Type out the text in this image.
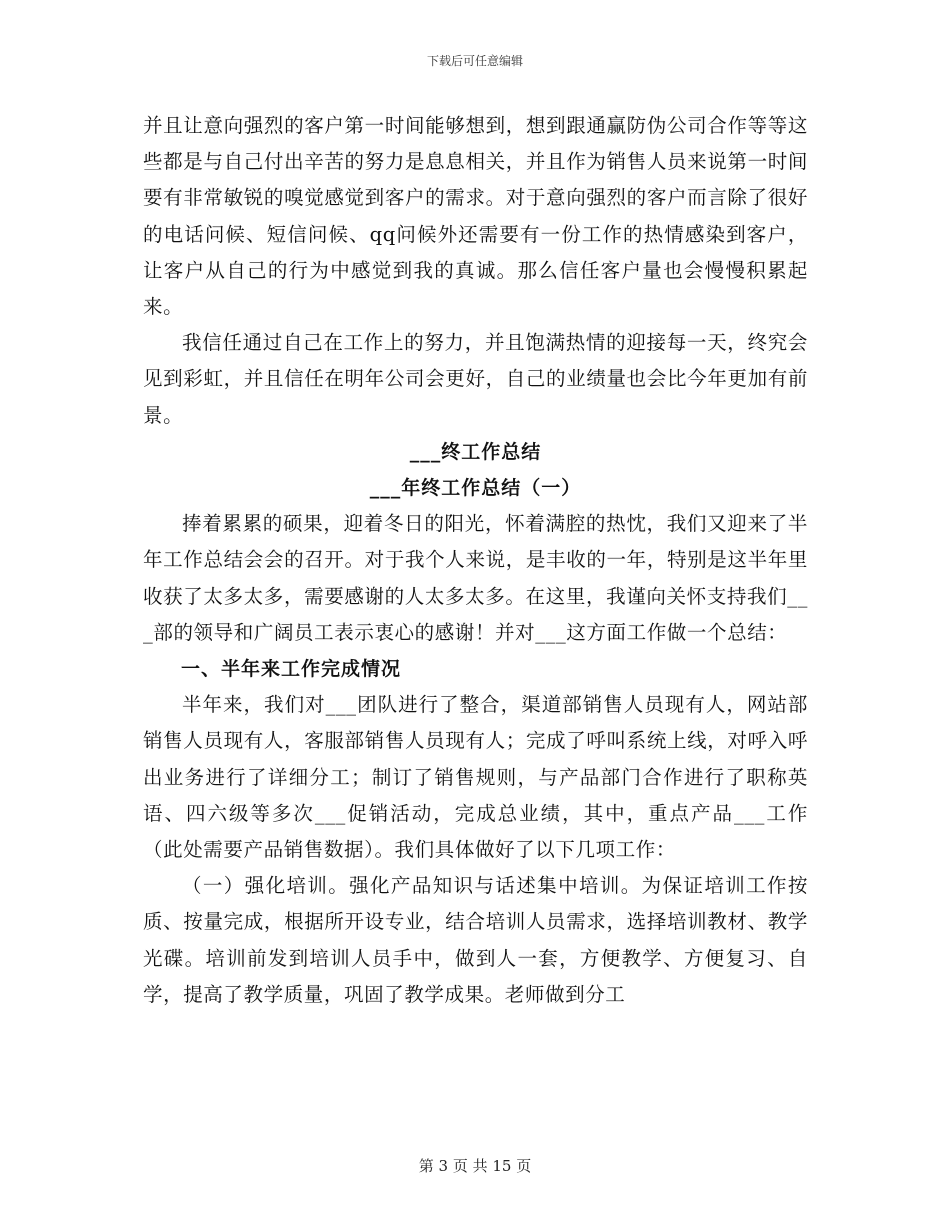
下载后可任意编辑

并且让意向强烈的客户第一时间能够想到，想到跟通赢防伪公司合作等等这些都是与自己付出辛苦的努力是息息相关，并且作为销售人员来说第一时间要有非常敏锐的嗅觉感觉到客户的需求。对于意向强烈的客户而言除了很好的电话问候、短信问候、qq问候外还需要有一份工作的热情感染到客户，让客户从自己的行为中感觉到我的真诚。那么信任客户量也会慢慢积累起来。

我信任通过自己在工作上的努力，并且饱满热情的迎接每一天，终究会见到彩虹，并且信任在明年公司会更好，自己的业绩量也会比今年更加有前景。

___终工作总结

___年终工作总结（一）

捧着累累的硕果，迎着冬日的阳光，怀着满腔的热忱，我们又迎来了半年工作总结会会的召开。对于我个人来说，是丰收的一年，特别是这半年里收获了太多太多，需要感谢的人太多太多。在这里，我谨向关怀支持我们___部的领导和广阔员工表示衷心的感谢！并对___这方面工作做一个总结：

一、半年来工作完成情况

半年来，我们对___团队进行了整合，渠道部销售人员现有人，网站部销售人员现有人，客服部销售人员现有人；完成了呼叫系统上线，对呼入呼出业务进行了详细分工；制订了销售规则，与产品部门合作进行了职称英语、四六级等多次___促销活动，完成总业绩，其中，重点产品___工作（此处需要产品销售数据）。我们具体做好了以下几项工作：

（一）强化培训。强化产品知识与话述集中培训。为保证培训工作按质、按量完成，根据所开设专业，结合培训人员需求，选择培训教材、教学光碟。培训前发到培训人员手中，做到人一套，方便教学、方便复习、自学，提高了教学质量，巩固了教学成果。老师做到分工

第 3 页 共 15 页
